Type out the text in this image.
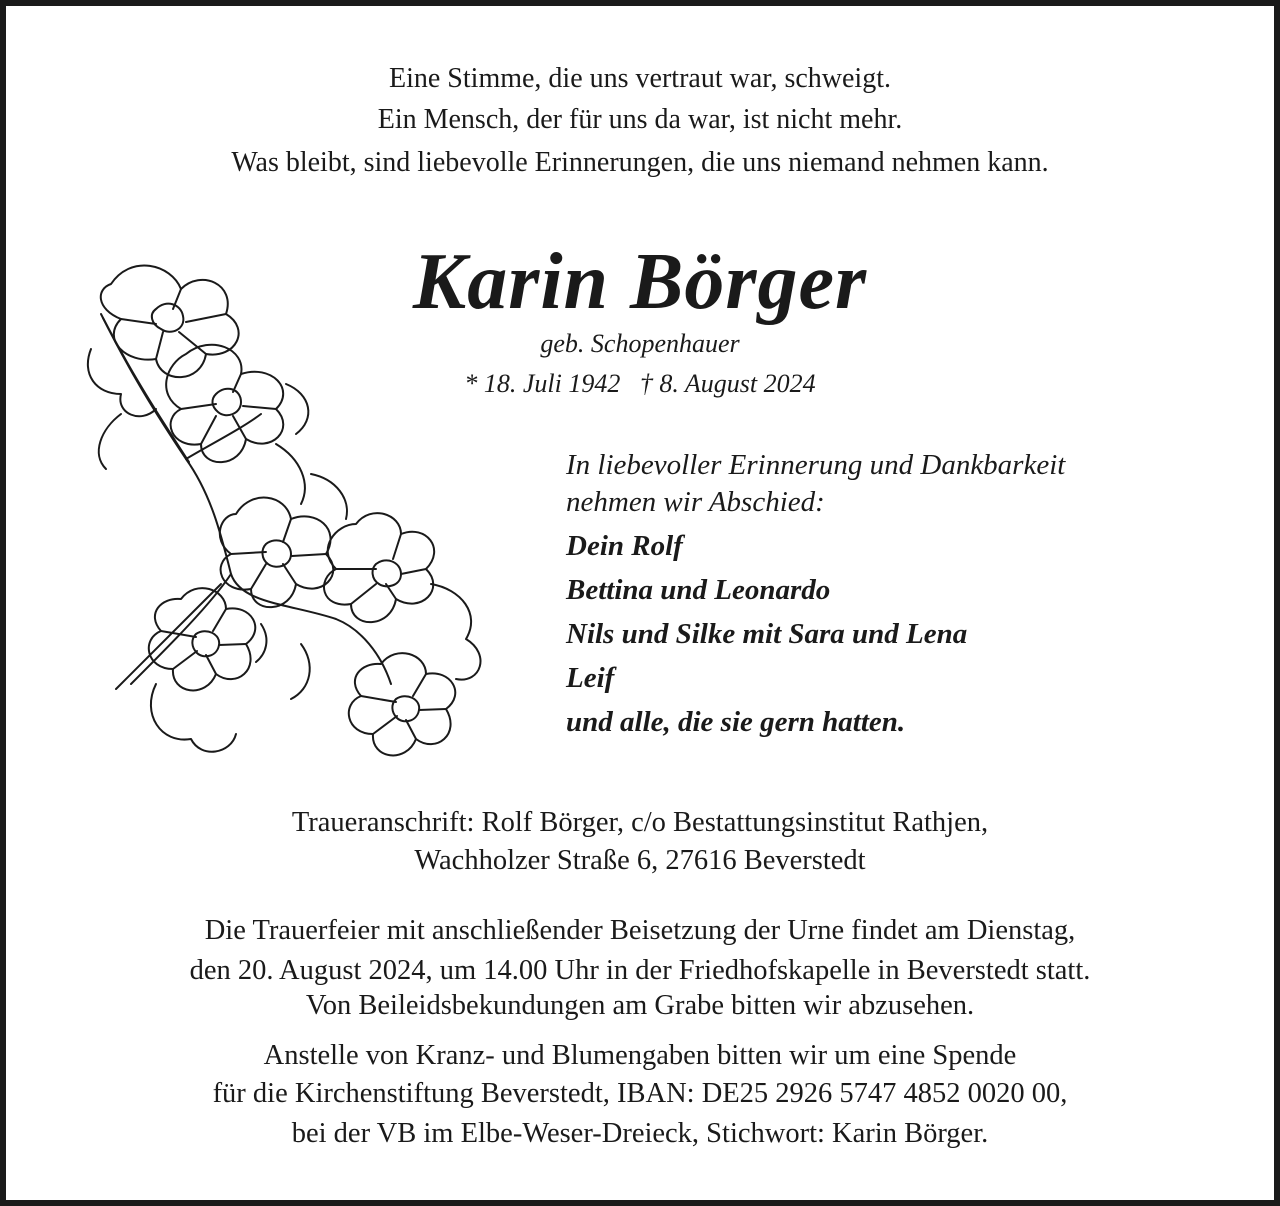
Eine Stimme, die uns vertraut war, schweigt.
Ein Mensch, der für uns da war, ist nicht mehr.
Was bleibt, sind liebevolle Erinnerungen, die uns niemand nehmen kann.
Karin Börger
geb. Schopenhauer
* 18. Juli 1942   † 8. August 2024
In liebevoller Erinnerung und Dankbarkeit
nehmen wir Abschied:
Dein Rolf
Bettina und Leonardo
Nils und Silke mit Sara und Lena
Leif
und alle, die sie gern hatten.
Traueranschrift: Rolf Börger, c/o Bestattungsinstitut Rathjen,
Wachholzer Straße 6, 27616 Beverstedt
Die Trauerfeier mit anschließender Beisetzung der Urne findet am Dienstag,
den 20. August 2024, um 14.00 Uhr in der Friedhofskapelle in Beverstedt statt.
Von Beileidsbekundungen am Grabe bitten wir abzusehen.
Anstelle von Kranz- und Blumengaben bitten wir um eine Spende
für die Kirchenstiftung Beverstedt, IBAN: DE25 2926 5747 4852 0020 00,
bei der VB im Elbe-Weser-Dreieck, Stichwort: Karin Börger.
